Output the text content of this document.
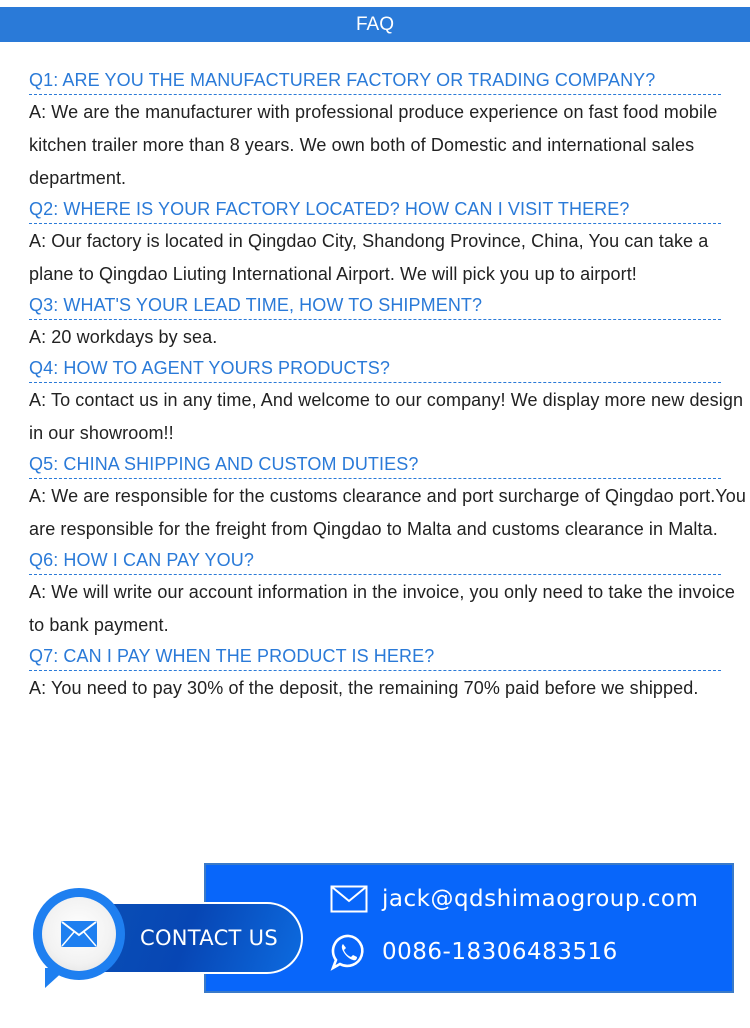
FAQ
Q1: ARE YOU THE MANUFACTURER FACTORY OR TRADING COMPANY?
A: We are the manufacturer with professional produce experience on fast food mobile kitchen trailer more than 8 years. We own both of Domestic and international sales department.
Q2: WHERE IS YOUR FACTORY LOCATED? HOW CAN I VISIT THERE?
A: Our factory is located in Qingdao City, Shandong Province, China, You can take a plane to Qingdao Liuting International Airport. We will pick you up to airport!
Q3: WHAT'S YOUR LEAD TIME, HOW TO SHIPMENT?
A: 20 workdays by sea.
Q4: HOW TO AGENT YOURS PRODUCTS?
A: To contact us in any time, And welcome to our company! We display more new design in our showroom!!
Q5: CHINA SHIPPING AND CUSTOM DUTIES?
A: We are responsible for the customs clearance and port surcharge of Qingdao port.You are responsible for the freight from Qingdao to Malta and customs clearance in Malta.
Q6: HOW I CAN PAY YOU?
A: We will write our account information in the invoice, you only need to take the invoice to bank payment.
Q7: CAN I PAY WHEN THE PRODUCT IS HERE?
A: You need to pay 30% of the deposit, the remaining 70% paid before we shipped.
jack@qdshimaogroup.com
0086-18306483516
CONTACT US
